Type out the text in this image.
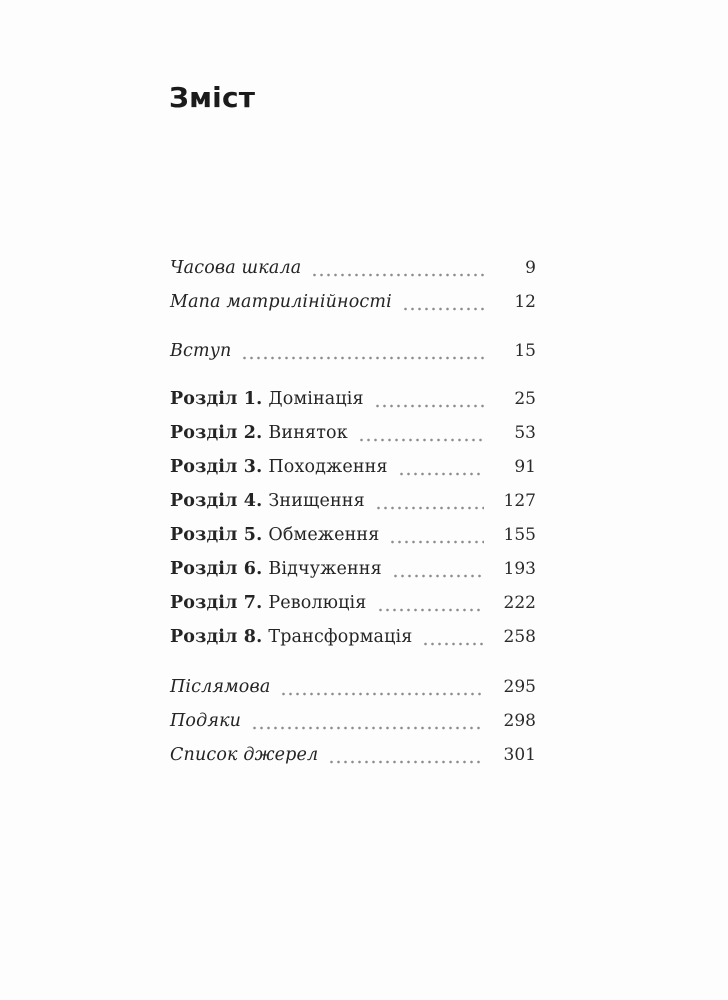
Зміст
Часова шкала	9
Мапа матрилінійності	12
Вступ	15
Розділ 1. Домінація	25
Розділ 2. Виняток	53
Розділ 3. Походження	91
Розділ 4. Знищення	127
Розділ 5. Обмеження	155
Розділ 6. Відчуження	193
Розділ 7. Революція	222
Розділ 8. Трансформація	258
Післямова	295
Подяки	298
Список джерел	301
